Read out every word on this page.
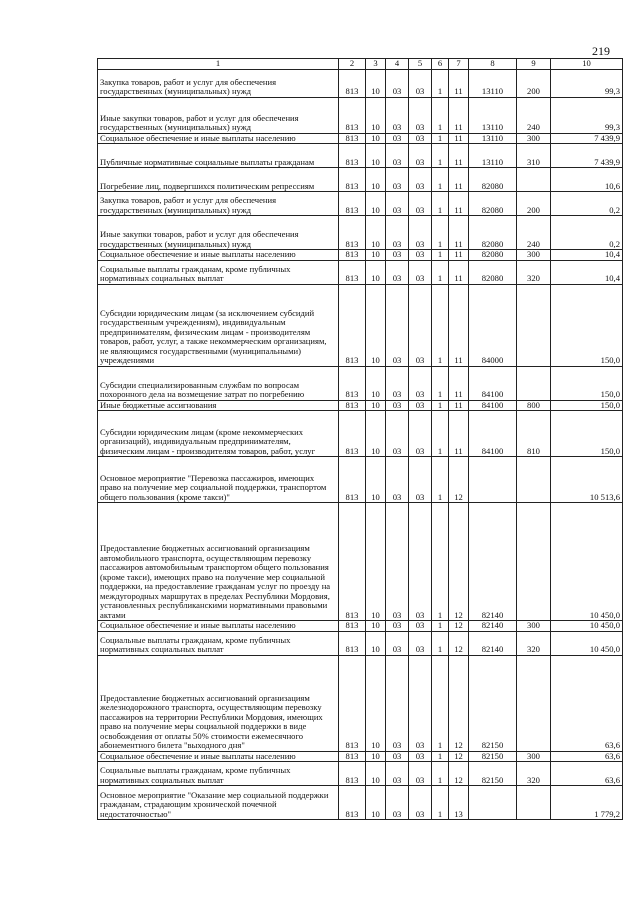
219
1	2	3	4	5	6	7	8	9	10
Закупка товаров, работ и услуг для обеспечения государственных (муниципальных) нужд	813	10	03	03	1	11	13110	200	99,3
Иные закупки товаров, работ и услуг для обеспечения государственных (муниципальных) нужд	813	10	03	03	1	11	13110	240	99,3
Социальное обеспечение и иные выплаты населению	813	10	03	03	1	11	13110	300	7 439,9
Публичные нормативные социальные выплаты гражданам	813	10	03	03	1	11	13110	310	7 439,9
Погребение лиц, подвергшихся политическим репрессиям	813	10	03	03	1	11	82080		10,6
Закупка товаров, работ и услуг для обеспечения государственных (муниципальных) нужд	813	10	03	03	1	11	82080	200	0,2
Иные закупки товаров, работ и услуг для обеспечения государственных (муниципальных) нужд	813	10	03	03	1	11	82080	240	0,2
Социальное обеспечение и иные выплаты населению	813	10	03	03	1	11	82080	300	10,4
Социальные выплаты гражданам, кроме публичных нормативных социальных выплат	813	10	03	03	1	11	82080	320	10,4
Субсидии юридическим лицам (за исключением субсидий государственным учреждениям), индивидуальным предпринимателям, физическим лицам - производителям товаров, работ, услуг, а также некоммерческим организациям, не являющимся государственными (муниципальными) учреждениями	813	10	03	03	1	11	84000		150,0
Субсидии специализированным службам по вопросам похоронного дела на возмещение затрат по погребению	813	10	03	03	1	11	84100		150,0
Иные бюджетные ассигнования	813	10	03	03	1	11	84100	800	150,0
Субсидии юридическим лицам (кроме некоммерческих организаций), индивидуальным предпринимателям, физическим лицам - производителям товаров, работ, услуг	813	10	03	03	1	11	84100	810	150,0
Основное мероприятие "Перевозка пассажиров, имеющих право на получение мер социальной поддержки, транспортом общего пользования (кроме такси)"	813	10	03	03	1	12			10 513,6
Предоставление бюджетных ассигнований организациям автомобильного транспорта, осуществляющим перевозку пассажиров автомобильным транспортом общего пользования (кроме такси), имеющих право на получение мер социальной поддержки, на предоставление гражданам услуг по проезду на междугородных маршрутах в пределах Республики Мордовия, установленных республиканскими нормативными правовыми актами	813	10	03	03	1	12	82140		10 450,0
Социальное обеспечение и иные выплаты населению	813	10	03	03	1	12	82140	300	10 450,0
Социальные выплаты гражданам, кроме публичных нормативных социальных выплат	813	10	03	03	1	12	82140	320	10 450,0
Предоставление бюджетных ассигнований организациям железнодорожного транспорта, осуществляющим перевозку пассажиров на территории Республики Мордовия, имеющих право на получение меры социальной поддержки в виде освобождения от оплаты 50% стоимости ежемесячного абонементного билета "выходного дня"	813	10	03	03	1	12	82150		63,6
Социальное обеспечение и иные выплаты населению	813	10	03	03	1	12	82150	300	63,6
Социальные выплаты гражданам, кроме публичных нормативных социальных выплат	813	10	03	03	1	12	82150	320	63,6
Основное мероприятие "Оказание мер социальной поддержки гражданам, страдающим хронической почечной недостаточностью"	813	10	03	03	1	13			1 779,2
